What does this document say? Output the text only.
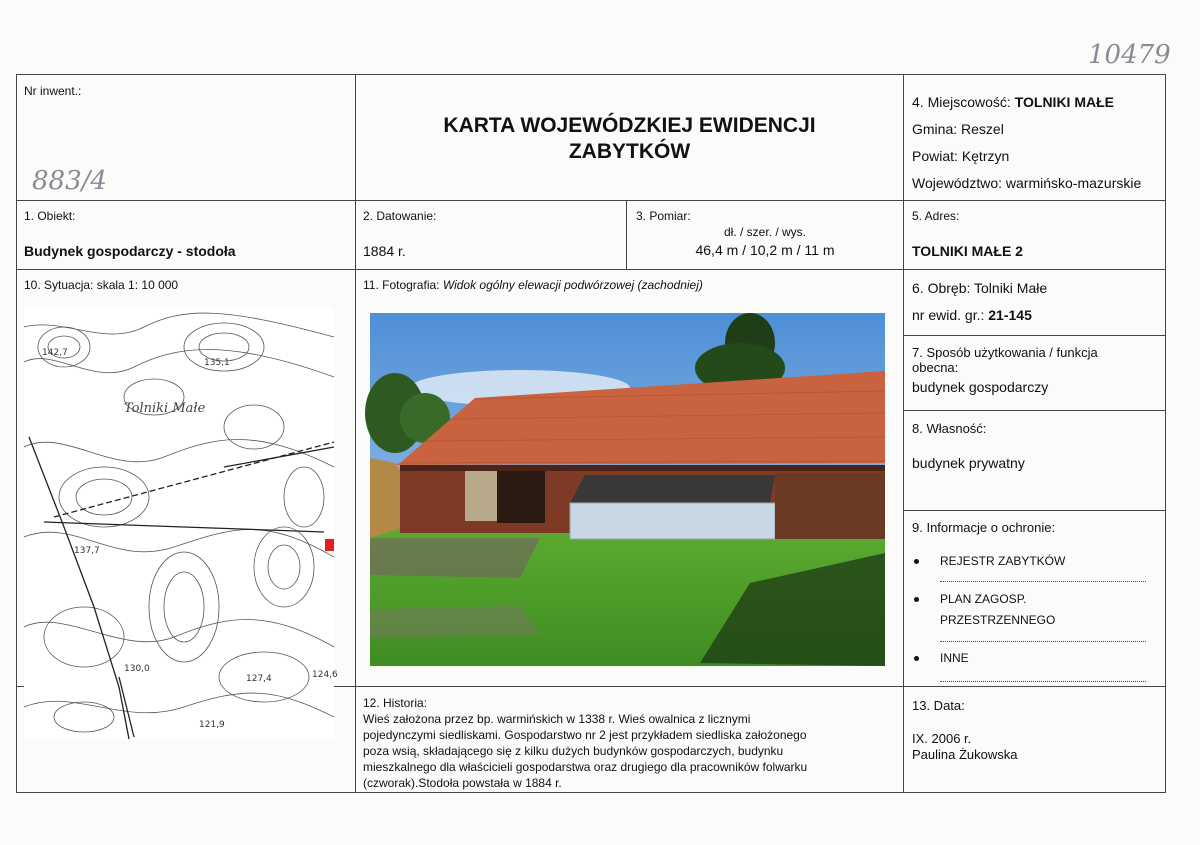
10479
883/4
Nr inwent.:
KARTA WOJEWÓDZKIEJ EWIDENCJI
ZABYTKÓW
4. Miejscowość: TOLNIKI MAŁE
Gmina: Reszel
Powiat: Kętrzyn
Województwo: warmińsko-mazurskie
1. Obiekt:
Budynek gospodarczy - stodoła
2. Datowanie:
1884 r.
3. Pomiar:
dł. / szer. / wys.
46,4 m / 10,2 m / 11 m
5. Adres:
TOLNIKI MAŁE 2
10. Sytuacja: skala 1: 10 000	11. Fotografia: Widok ogólny elewacji podwórzowej (zachodniej)
142,7
135,1
137,7
130,0
124,6
121,9
127,4
Tolniki Małe
6. Obręb: Tolniki Małe
nr ewid. gr.: 21-145
7. Sposób użytkowania / funkcja
obecna:
budynek gospodarczy
8. Własność:
budynek prywatny
9. Informacje o ochronie:
REJESTR ZABYTKÓW
PLAN ZAGOSP.
PRZESTRZENNEGO
INNE
12. Historia:
Wieś założona przez bp. warmińskich w 1338 r. Wieś owalnica z licznymi
pojedynczymi siedliskami. Gospodarstwo nr 2 jest przykładem siedliska założonego
poza wsią, składającego się z kilku dużych budynków gospodarczych, budynku
mieszkalnego dla właścicieli gospodarstwa oraz drugiego dla pracowników folwarku
(czworak).Stodoła powstała w 1884 r.
13. Data:
IX. 2006 r.
Paulina Żukowska
